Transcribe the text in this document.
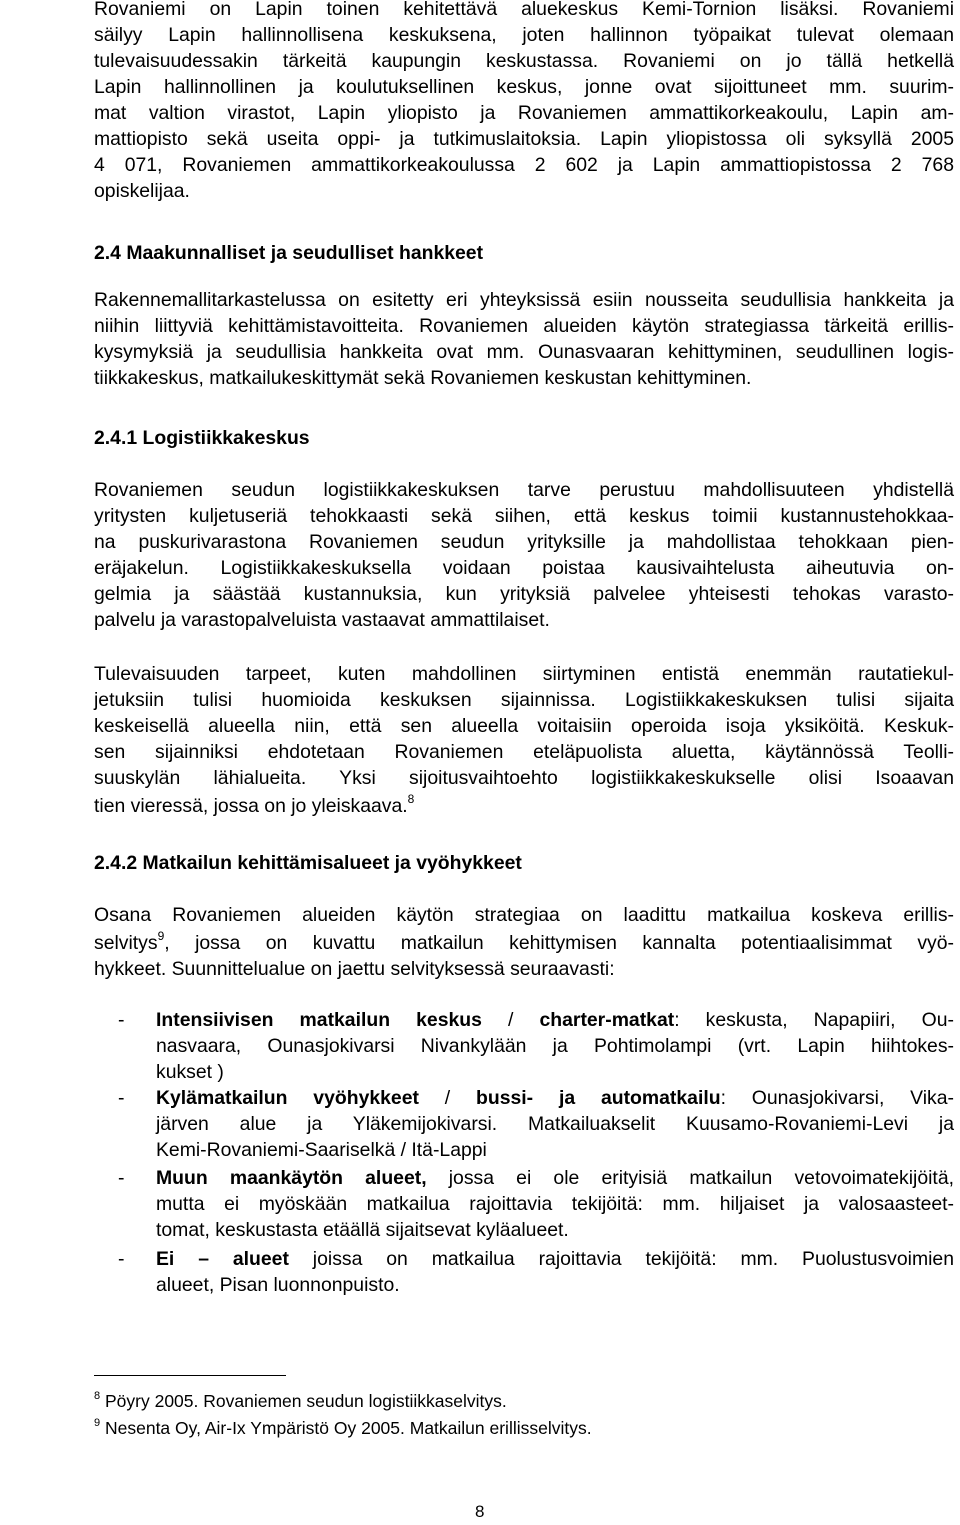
Rovaniemi on Lapin toinen kehitettävä aluekeskus Kemi-Tornion lisäksi. Rovaniemi

säilyy Lapin hallinnollisena keskuksena, joten hallinnon työpaikat tulevat olemaan

tulevaisuudessakin tärkeitä kaupungin keskustassa. Rovaniemi on jo tällä hetkellä

Lapin hallinnollinen ja koulutuksellinen keskus, jonne ovat sijoittuneet mm. suurim-

mat valtion virastot, Lapin yliopisto ja Rovaniemen ammattikorkeakoulu, Lapin am-

mattiopisto sekä useita oppi- ja tutkimuslaitoksia. Lapin yliopistossa oli syksyllä 2005

4 071, Rovaniemen ammattikorkeakoulussa 2 602 ja Lapin ammattiopistossa 2 768

opiskelijaa.

2.4 Maakunnalliset ja seudulliset hankkeet

Rakennemallitarkastelussa on esitetty eri yhteyksissä esiin nousseita seudullisia hankkeita ja

niihin liittyviä kehittämistavoitteita. Rovaniemen alueiden käytön strategiassa tärkeitä erillis-

kysymyksiä ja seudullisia hankkeita ovat mm. Ounasvaaran kehittyminen, seudullinen logis-

tiikkakeskus, matkailukeskittymät sekä Rovaniemen keskustan kehittyminen.

2.4.1 Logistiikkakeskus

Rovaniemen seudun logistiikkakeskuksen tarve perustuu mahdollisuuteen yhdistellä

yritysten kuljetuseriä tehokkaasti sekä siihen, että keskus toimii kustannustehokkaa-

na puskurivarastona Rovaniemen seudun yrityksille ja mahdollistaa tehokkaan pien-

eräjakelun. Logistiikkakeskuksella voidaan poistaa kausivaihtelusta aiheutuvia on-

gelmia ja säästää kustannuksia, kun yrityksiä palvelee yhteisesti tehokas varasto-

palvelu ja varastopalveluista vastaavat ammattilaiset.

Tulevaisuuden tarpeet, kuten mahdollinen siirtyminen entistä enemmän rautatiekul-

jetuksiin tulisi huomioida keskuksen sijainnissa. Logistiikkakeskuksen tulisi sijaita

keskeisellä alueella niin, että sen alueella voitaisiin operoida isoja yksiköitä. Keskuk-

sen sijainniksi ehdotetaan Rovaniemen eteläpuolista aluetta, käytännössä Teolli-

suuskylän lähialueita. Yksi sijoitusvaihtoehto logistiikkakeskukselle olisi Isoaavan

tien vieressä, jossa on jo yleiskaava.$^8$

2.4.2 Matkailun kehittämisalueet ja vyöhykkeet

Osana Rovaniemen alueiden käytön strategiaa on laadittu matkailua koskeva erillis-

selvitys$^9$, jossa on kuvattu matkailun kehittymisen kannalta potentiaalisimmat vyö-

hykkeet. Suunnittelualue on jaettu selvityksessä seuraavasti:

- Intensiivisen matkailun keskus / charter-matkat: keskusta, Napapiiri, Ou-

nasvaara, Ounasjokivarsi Nivankylään ja Pohtimolampi (vrt. Lapin hiihtokes-

kukset )

- Kylämatkailun vyöhykkeet / bussi- ja automatkailu: Ounasjokivarsi, Vika-

järven alue ja Yläkemijokivarsi. Matkailuakselit Kuusamo-Rovaniemi-Levi ja

Kemi-Rovaniemi-Saariselkä / Itä-Lappi

- Muun maankäytön alueet, jossa ei ole erityisiä matkailun vetovoimatekijöitä,

mutta ei myöskään matkailua rajoittavia tekijöitä: mm. hiljaiset ja valosaasteet-

tomat, keskustasta etäällä sijaitsevat kyläalueet.

- Ei – alueet joissa on matkailua rajoittavia tekijöitä: mm. Puolustusvoimien

alueet, Pisan luonnonpuisto.

$^8$ Pöyry 2005. Rovaniemen seudun logistiikkaselvitys.

$^9$ Nesenta Oy, Air-Ix Ympäristö Oy 2005. Matkailun erillisselvitys.

8
